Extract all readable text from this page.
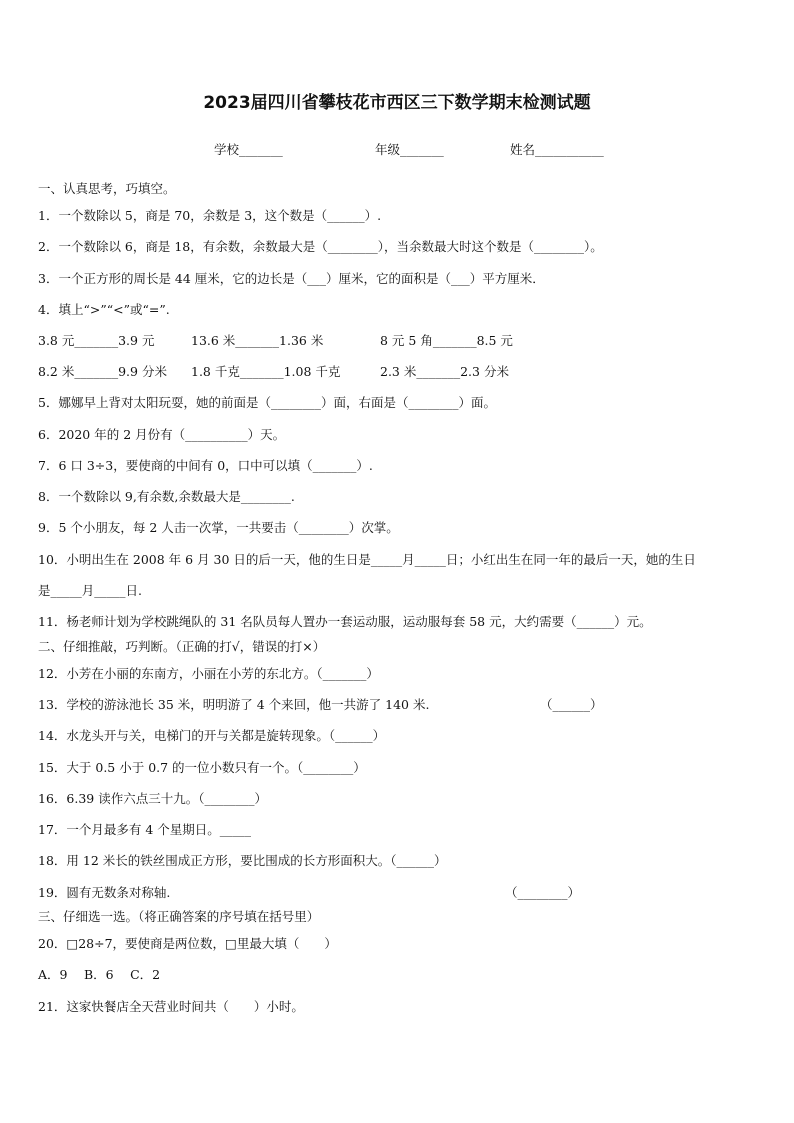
2023届四川省攀枝花市西区三下数学期末检测试题
学校_______	年级_______	姓名___________
一、认真思考，巧填空。
1．一个数除以 5，商是 70，余数是 3，这个数是（______）.
2．一个数除以 6，商是 18，有余数，余数最大是（________），当余数最大时这个数是（________）。
3．一个正方形的周长是 44 厘米，它的边长是（___）厘米，它的面积是（___）平方厘米．
4．填上“>”“<”或“=”.
3.8 元_______3.9 元	13.6 米_______1.36 米	8 元 5 角_______8.5 元
8.2 米_______9.9 分米 1.8 千克_______1.08 千克	2.3 米_______2.3 分米
5．娜娜早上背对太阳玩耍，她的前面是（________）面，右面是（________）面。
6．2020 年的 2 月份有（__________）天。
7．6 口 3÷3，要使商的中间有 0，口中可以填（_______）.
8．一个数除以 9,有余数,余数最大是________.
9．5 个小朋友，每 2 人击一次掌，一共要击（________）次掌。
10．小明出生在 2008 年 6 月 30 日的后一天，他的生日是_____月_____日；小红出生在同一年的最后一天，她的生日
是_____月_____日.
11．杨老师计划为学校跳绳队的 31 名队员每人置办一套运动服，运动服每套 58 元，大约需要（______）元。
二、仔细推敲，巧判断。（正确的打√，错误的打×）
12．小芳在小丽的东南方，小丽在小芳的东北方。（_______）
13．学校的游泳池长 35 米，明明游了 4 个来回，他一共游了 140 米.	（______）
14．水龙头开与关，电梯门的开与关都是旋转现象。（______）
15．大于 0.5 小于 0.7 的一位小数只有一个。（________）
16．6.39 读作六点三十九。（________）
17．一个月最多有 4 个星期日。_____
18．用 12 米长的铁丝围成正方形，要比围成的长方形面积大。（______）
19．圆有无数条对称轴.	（________）
三、仔细选一选。（将正确答案的序号填在括号里）
20．□28÷7，要使商是两位数，□里最大填（　　）
A．9　 B．6　 C．2
21．这家快餐店全天营业时间共（　　）小时。
